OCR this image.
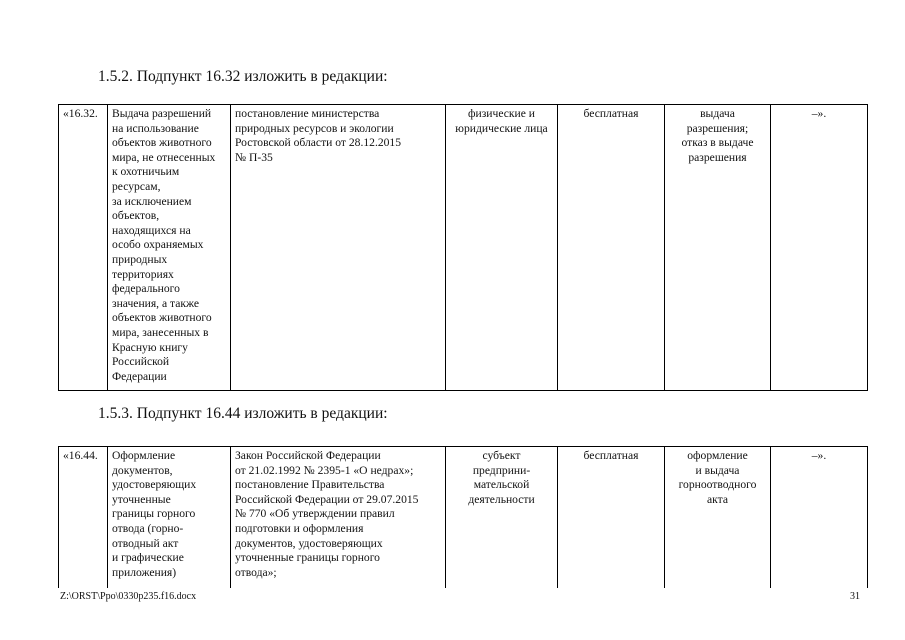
1.5.2. Подпункт 16.32 изложить в редакции:
«16.32.	Выдача разрешений
на использование
объектов животного
мира, не отнесенных
к охотничьим
ресурсам,
за исключением
объектов,
находящихся на
особо охраняемых
природных
территориях
федерального
значения, а также
объектов животного
мира, занесенных в
Красную книгу
Российской
Федерации	постановление министерства
природных ресурсов и экологии
Ростовской области от 28.12.2015
№ П-35	физические и
юридические лица	бесплатная	выдача
разрешения;
отказ в выдаче
разрешения	–».
1.5.3. Подпункт 16.44 изложить в редакции:
«16.44.	Оформление
документов,
удостоверяющих
уточненные
границы горного
отвода (горно-
отводный акт
и графические
приложения)	Закон Российской Федерации
от 21.02.1992 № 2395-1 «О недрах»;
постановление Правительства
Российской Федерации от 29.07.2015
№ 770 «Об утверждении правил
подготовки и оформления
документов, удостоверяющих
уточненные границы горного
отвода»;	субъект
предприни-
мательской
деятельности	бесплатная	оформление
и выдача
горноотводного
акта	–».
Z:\ORST\Ppo\0330p235.f16.docx	31
